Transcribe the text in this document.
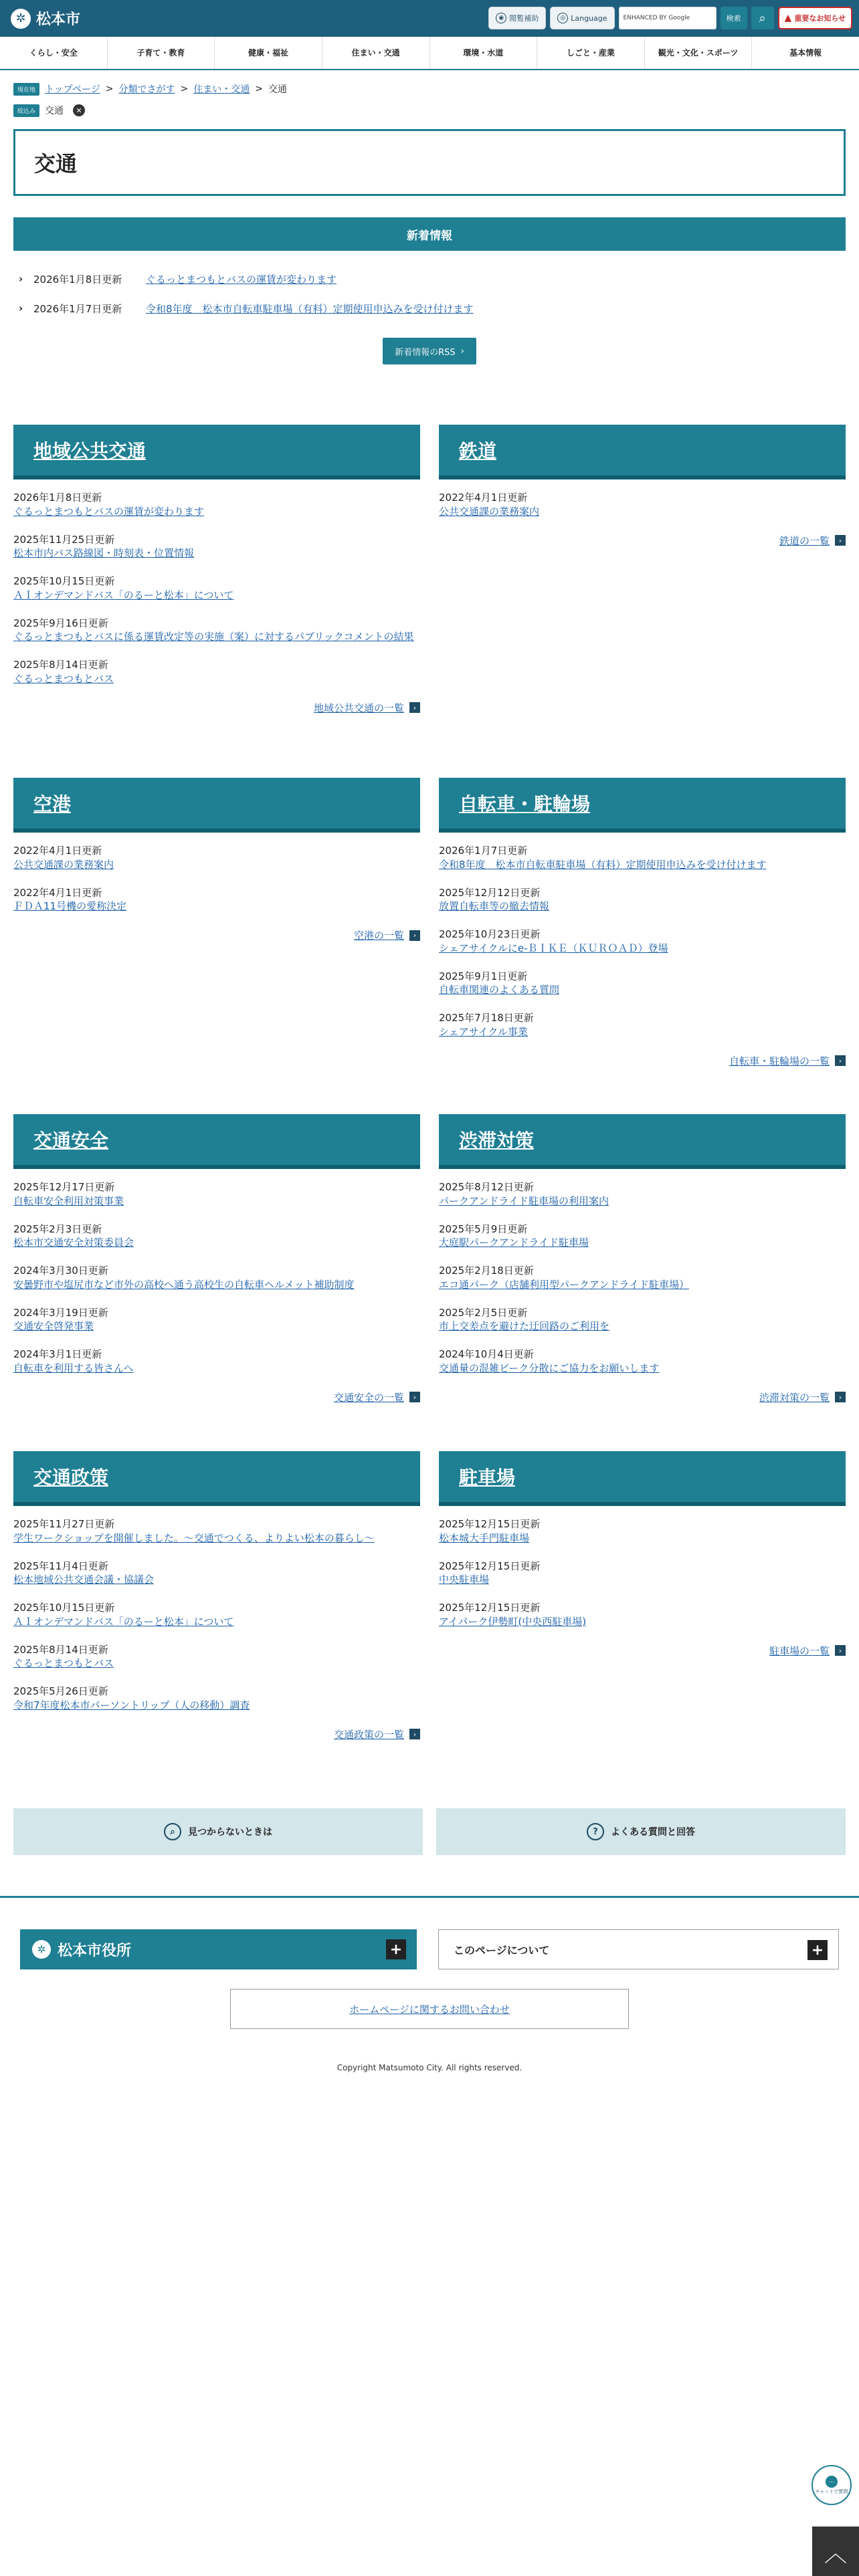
✲ 松本市	◉ 閲覧補助	◎ Language	ENHANCED BY Google	検索	⌕	▲ 重要なお知らせ
くらし・安全	子育て・教育	健康・福祉	住まい・交通	環境・水道	しごと・産業	観光・文化・スポーツ	基本情報
現在地	トップページ > 分類でさがす > 住まい・交通 > 交通
絞込み	交通	✕
交通
新着情報
› 2026年1月8日更新	ぐるっとまつもとバスの運賃が変わります
› 2026年1月7日更新	令和8年度　松本市自転車駐車場（有料）定期使用申込みを受け付けます
新着情報のRSS ›
地域公共交通
2026年1月8日更新
ぐるっとまつもとバスの運賃が変わります
2025年11月25日更新
松本市内バス路線図・時刻表・位置情報
2025年10月15日更新
ＡＩオンデマンドバス「のるーと松本」について
2025年9月16日更新
ぐるっとまつもとバスに係る運賃改定等の実施（案）に対するパブリックコメントの結果
2025年8月14日更新
ぐるっとまつもとバス
地域公共交通の一覧	›
鉄道
2022年4月1日更新
公共交通課の業務案内
鉄道の一覧	›
空港
2022年4月1日更新
公共交通課の業務案内
2022年4月1日更新
ＦＤＡ11号機の愛称決定
空港の一覧	›
自転車・駐輪場
2026年1月7日更新
令和8年度　松本市自転車駐車場（有料）定期使用申込みを受け付けます
2025年12月12日更新
放置自転車等の撤去情報
2025年10月23日更新
シェアサイクルにe-ＢＩＫＥ（ＫＵＲＯＡＤ）登場
2025年9月1日更新
自転車関連のよくある質問
2025年7月18日更新
シェアサイクル事業
自転車・駐輪場の一覧	›
交通安全
2025年12月17日更新
自転車安全利用対策事業
2025年2月3日更新
松本市交通安全対策委員会
2024年3月30日更新
安曇野市や塩尻市など市外の高校へ通う高校生の自転車ヘルメット補助制度
2024年3月19日更新
交通安全啓発事業
2024年3月1日更新
自転車を利用する皆さんへ
交通安全の一覧	›
渋滞対策
2025年8月12日更新
パークアンドライド駐車場の利用案内
2025年5月9日更新
大庭駅パークアンドライド駐車場
2025年2月18日更新
エコ通パーク（店舗利用型パークアンドライド駐車場）
2025年2月5日更新
市上交差点を避けた迂回路のご利用を
2024年10月4日更新
交通量の混雑ピーク分散にご協力をお願いします
渋滞対策の一覧	›
交通政策
2025年11月27日更新
学生ワークショップを開催しました。～交通でつくる、よりよい松本の暮らし～
2025年11月4日更新
松本地域公共交通会議・協議会
2025年10月15日更新
ＡＩオンデマンドバス「のるーと松本」について
2025年8月14日更新
ぐるっとまつもとバス
2025年5月26日更新
令和7年度松本市パーソントリップ（人の移動）調査
交通政策の一覧	›
駐車場
2025年12月15日更新
松本城大手門駐車場
2025年12月15日更新
中央駐車場
2025年12月15日更新
アイパーク伊勢町(中央西駐車場)
駐車場の一覧	›
⌕	見つからないときは	?	よくある質問と回答
✲ 松本市役所	+	このページについて	+
ホームページに関するお問い合わせ
Copyright Matsumoto City. All rights reserved.
…
チャットで質問
︿
